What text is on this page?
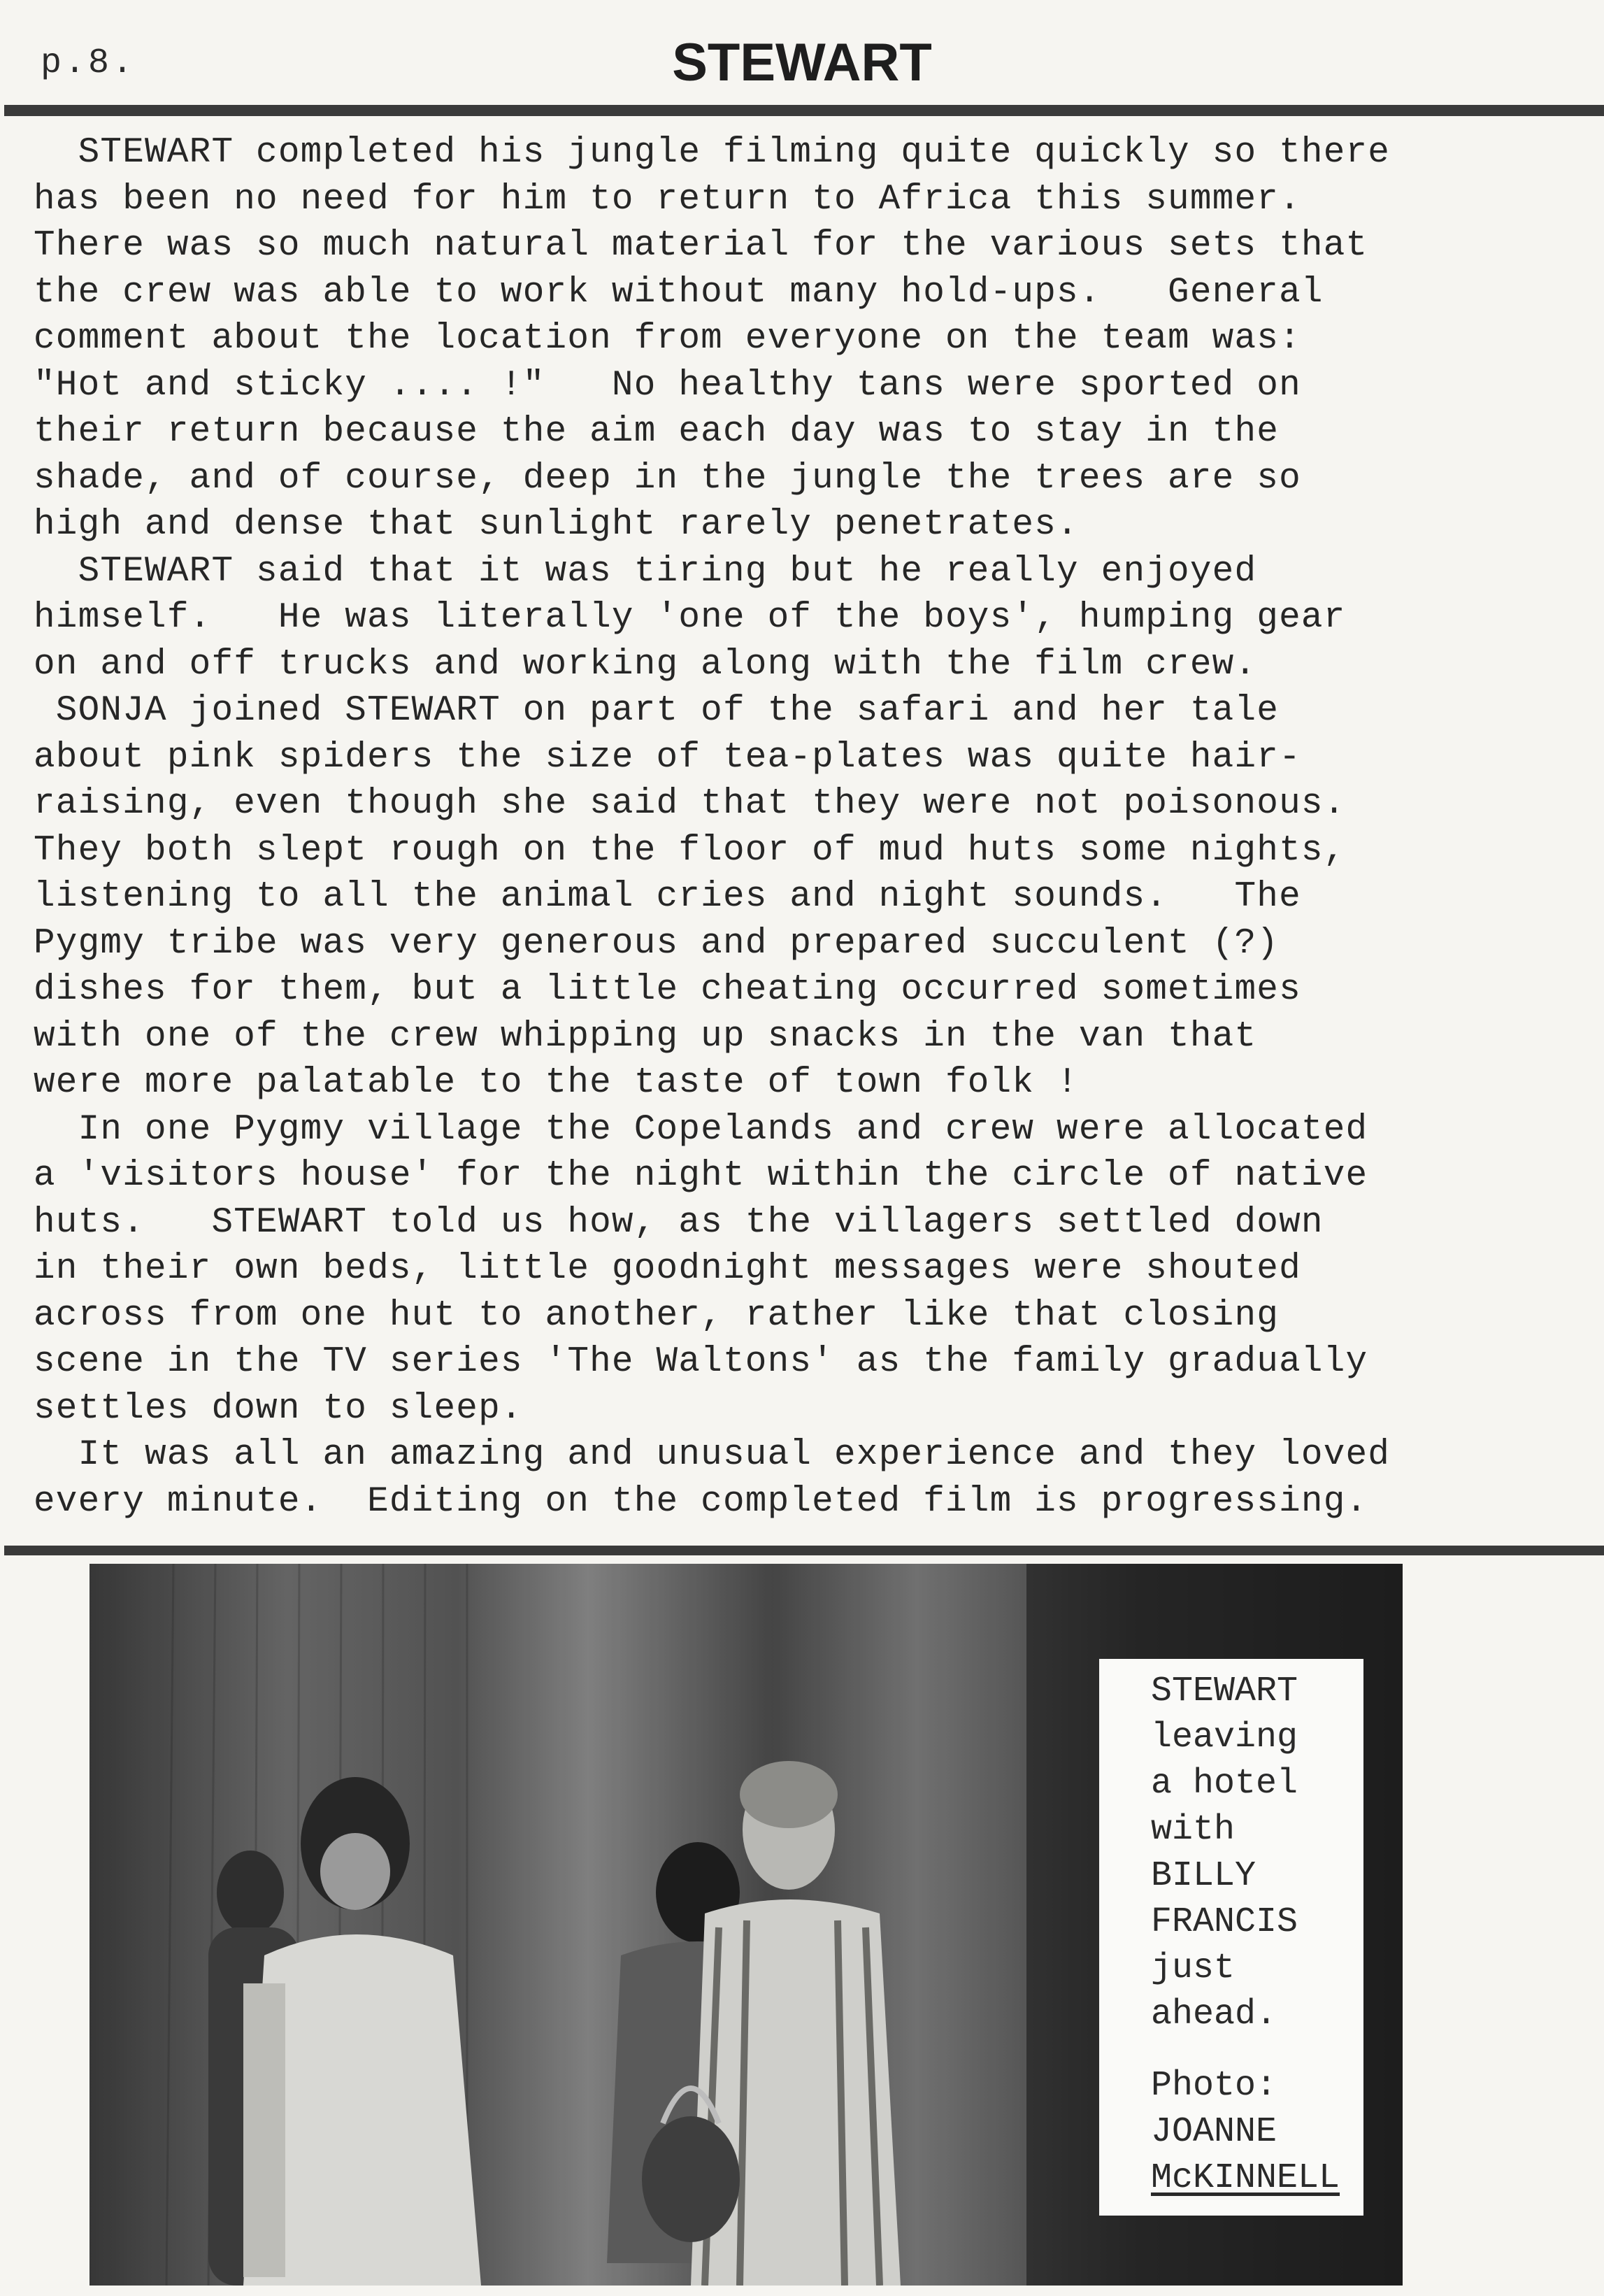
p.8.	STEWART
STEWART completed his jungle filming quite quickly so there
has been no need for him to return to Africa this summer.
There was so much natural material for the various sets that
the crew was able to work without many hold-ups.   General
comment about the location from everyone on the team was:
"Hot and sticky .... !"   No healthy tans were sported on
their return because the aim each day was to stay in the
shade, and of course, deep in the jungle the trees are so
high and dense that sunlight rarely penetrates.
STEWART said that it was tiring but he really enjoyed
himself.   He was literally 'one of the boys', humping gear
on and off trucks and working along with the film crew.
SONJA joined STEWART on part of the safari and her tale
about pink spiders the size of tea-plates was quite hair-
raising, even though she said that they were not poisonous.
They both slept rough on the floor of mud huts some nights,
listening to all the animal cries and night sounds.   The
Pygmy tribe was very generous and prepared succulent (?)
dishes for them, but a little cheating occurred sometimes
with one of the crew whipping up snacks in the van that
were more palatable to the taste of town folk !
In one Pygmy village the Copelands and crew were allocated
a 'visitors house' for the night within the circle of native
huts.   STEWART told us how, as the villagers settled down
in their own beds, little goodnight messages were shouted
across from one hut to another, rather like that closing
scene in the TV series 'The Waltons' as the family gradually
settles down to sleep.
It was all an amazing and unusual experience and they loved
every minute.  Editing on the completed film is progressing.
STEWART
leaving
a hotel
with
BILLY
FRANCIS
just
ahead.
Photo:
JOANNE
McKINNELL
